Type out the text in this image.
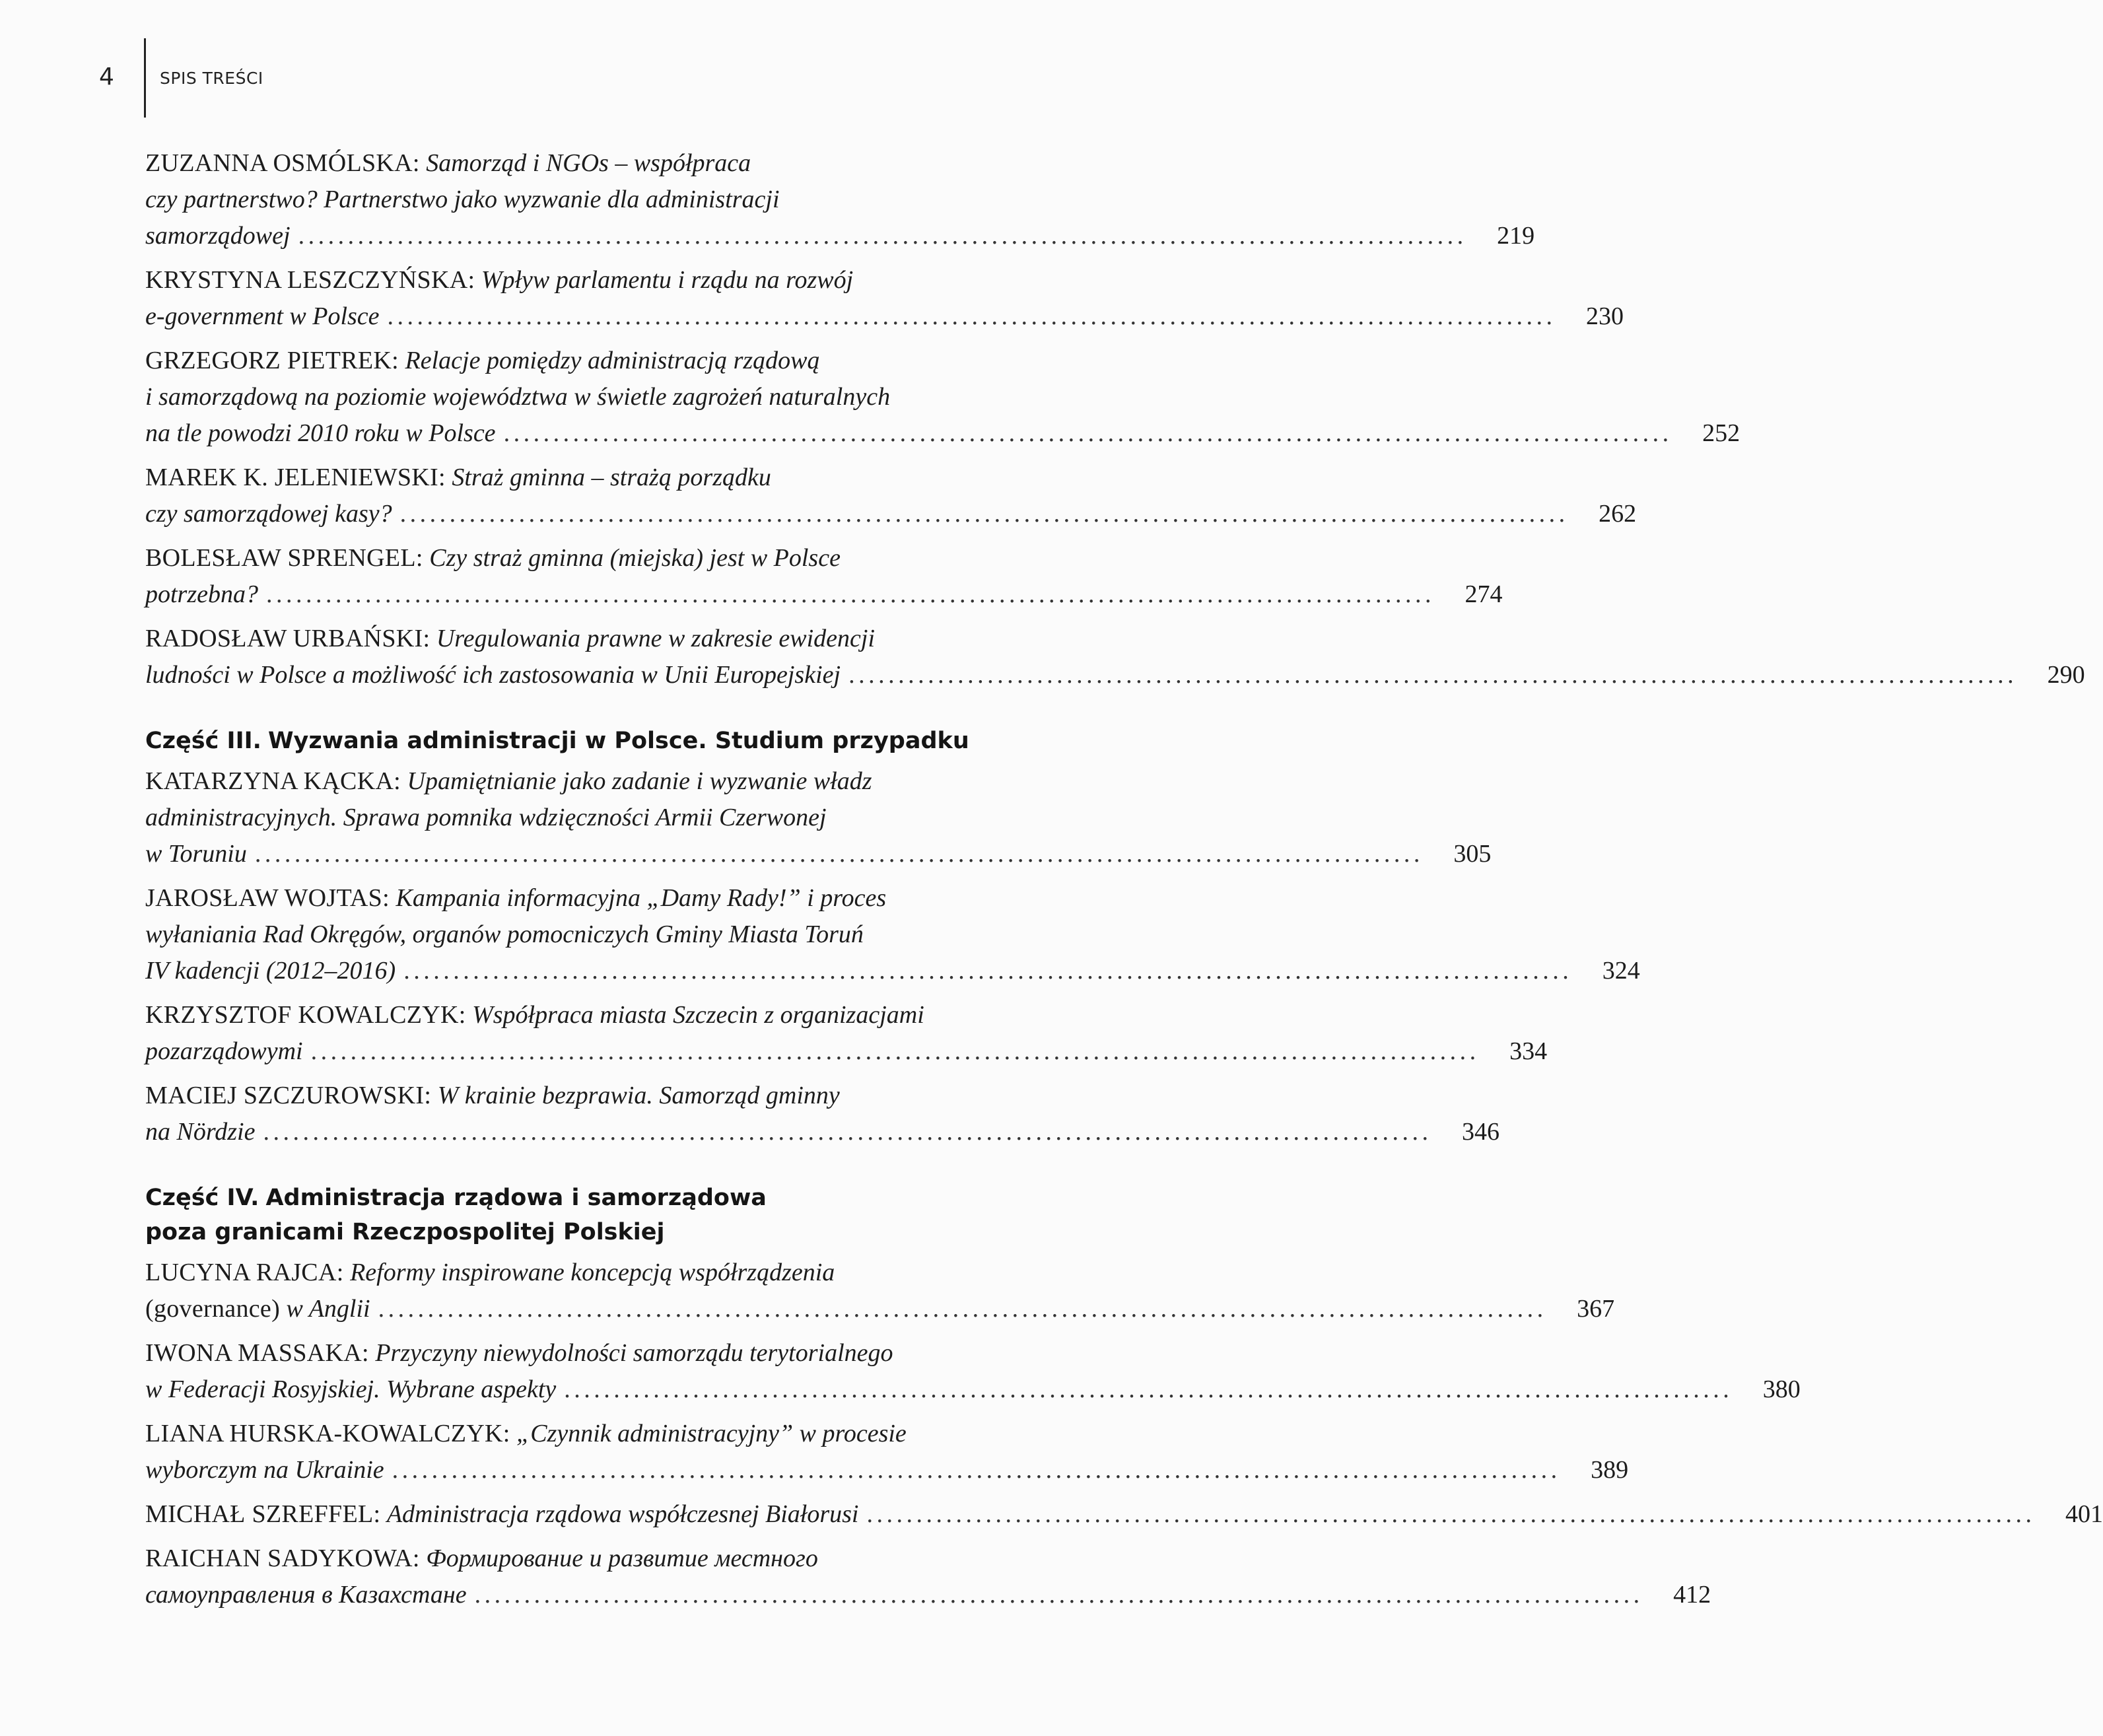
4	SPIS TREŚCI
ZUZANNA OSMÓLSKA: Samorząd i NGOs – współpraca
czy partnerstwo? Partnerstwo jako wyzwanie dla administracji
samorządowej . . .	219
KRYSTYNA LESZCZYŃSKA: Wpływ parlamentu i rządu na rozwój
e-government w Polsce . . .	230
GRZEGORZ PIETREK: Relacje pomiędzy administracją rządową
i samorządową na poziomie województwa w świetle zagrożeń naturalnych
na tle powodzi 2010 roku w Polsce . . .	252
MAREK K. JELENIEWSKI: Straż gminna – strażą porządku
czy samorządowej kasy? . . .	262
BOLESŁAW SPRENGEL: Czy straż gminna (miejska) jest w Polsce
potrzebna? . . .	274
RADOSŁAW URBAŃSKI: Uregulowania prawne w zakresie ewidencji
ludności w Polsce a możliwość ich zastosowania w Unii Europejskiej . . .	290
Część III. Wyzwania administracji w Polsce. Studium przypadku
KATARZYNA KĄCKA: Upamiętnianie jako zadanie i wyzwanie władz
administracyjnych. Sprawa pomnika wdzięczności Armii Czerwonej
w Toruniu . . .	305
JAROSŁAW WOJTAS: Kampania informacyjna „Damy Rady!” i proces
wyłaniania Rad Okręgów, organów pomocniczych Gminy Miasta Toruń
IV kadencji (2012–2016) . . .	324
KRZYSZTOF KOWALCZYK: Współpraca miasta Szczecin z organizacjami
pozarządowymi . . .	334
MACIEJ SZCZUROWSKI: W krainie bezprawia. Samorząd gminny
na Nördzie . . .	346
Część IV. Administracja rządowa i samorządowa
poza granicami Rzeczpospolitej Polskiej
LUCYNA RAJCA: Reformy inspirowane koncepcją współrządzenia
(governance) w Anglii . . .	367
IWONA MASSAKA: Przyczyny niewydolności samorządu terytorialnego
w Federacji Rosyjskiej. Wybrane aspekty . . .	380
LIANA HURSKA-KOWALCZYK: „Czynnik administracyjny” w procesie
wyborczym na Ukrainie . . .	389
MICHAŁ SZREFFEL: Administracja rządowa współczesnej Białorusi . . .	401
RAICHAN SADYKOWA: Формирование и развитие местного
самоуправления в Казахстане . . .	412
